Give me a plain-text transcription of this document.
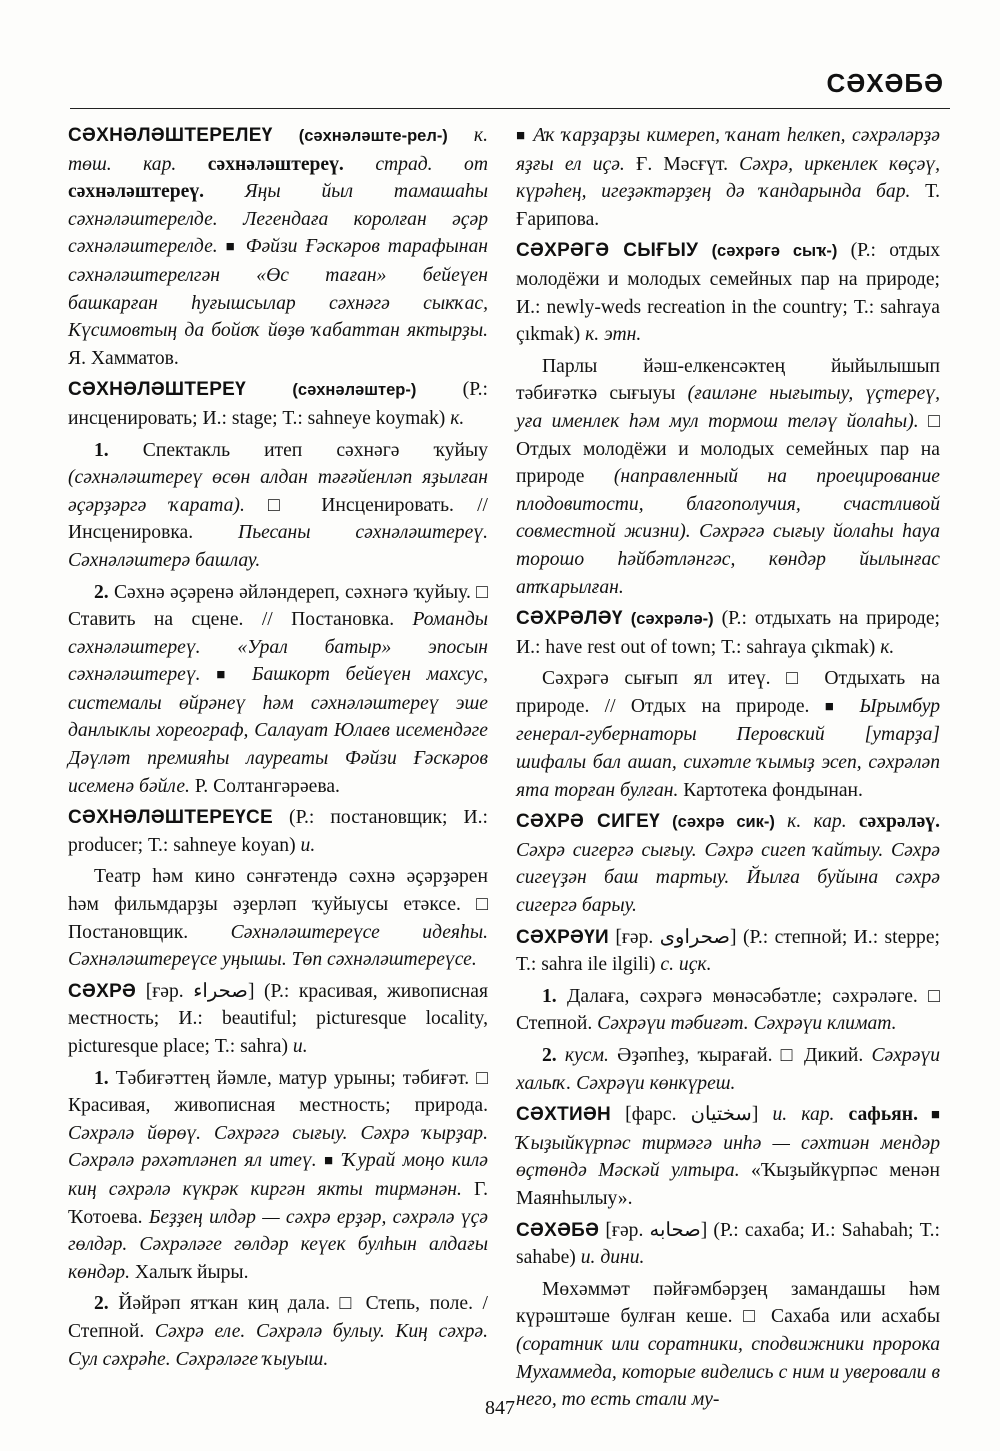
СӘХӘБӘ

СӘХНӘЛӘШТЕРЕЛЕҮ (сәхнәләште-рел-) к. төш. кар. сәхнәләштереү. страд. от сәхнәләштереү. Яңы йыл тамашаһы сәхнәләштерелде. Легендаға королған әҫәр сәхнәләштерелде. ■ Фәйзи Ғәскәров тарафынан сәхнәләштерелгән «Өс таған» бейеүен башкарған һуғышсылар сәхнәгә сыкҡас, Күсимовтың да бойоҡ йөҙө ҡабаттан яктырҙы. Я. Хамматов.

СӘХНӘЛӘШТЕРЕҮ	(сәхнәләштер-) (Р.: инсценировать; И.: stage; Т.: sahneye koymak) к.

1. Спектакль итеп сәхнәгә ҡуйыу (сәхнәләштереү өсөн алдан тәғәйенләп яҙылған әҫәрҙәргә ҡарата). □ Инсценировать. // Инсценировка. Пьесаны сәхнәләштереү. Сәхнәләштерә башлау.

2. Сәхнә әҫәренә әйләндереп, сәхнәгә ҡуйыу. □ Ставить на сцене. // Постановка. Романды сәхнәләштереү. «Урал батыр» эпосын сәхнәләштереү. ■ Башкорт бейеүен махсус, системалы өйрәнеү һәм сәхнәләштереү эше данлыклы хореограф, Салауат Юлаев исемендәге Дәүләт премияһы лауреаты Фәйзи Ғәскәров исеменә бәйле. Р. Солтангәрәева.

СӘХНӘЛӘШТЕРЕҮСЕ (Р.: постановщик; И.: producer; Т.: sahneye koyan) и.

Театр һәм кино сәнғәтендә сәхнә әҫәрҙәрен һәм фильмдарҙы әҙерләп ҡуйыусы етәксе. □ Постановщик. Сәхнәләштереүсе идеяһы. Сәхнәләштереүсе уңышы. Төп сәхнәләштереүсе.

СӘХРӘ [ғәр. صحراء] (Р.: красивая, живописная местность; И.: beautiful; picturesque locality, picturesque place; Т.: sahra) и.

1. Тәбиғәттең йәмле, матур урыны; тәбиғәт. □ Красивая, живописная местность; природа. Сәхрәлә йөрөү. Сәхрәгә сығыу. Сәхрә ҡырҙар. Сәхрәлә рәхәтләнеп ял итеү. ■ Ҡурай моңо килә киң сәхрәлә күкрәк киргән якты тирмәнән. Г. Ҡотоева. Беҙҙең илдәр — сәхрә ерҙәр, сәхрәлә үҫә гөлдәр. Сәхрәләге гөлдәр кеүек булһын алдағы көндәр. Халыҡ йыры.

2. Йәйрәп ятҡан киң дала. □ Степь, поле. / Степной. Сәхрә еле. Сәхрәлә булыу. Киң сәхрә. Сул сәхрәһе. Сәхрәләге ҡыуыш.

■ Аҡ ҡарҙарҙы кимереп, ҡанат һелкеп, сәхрәләрҙә яҙғы ел иҫә. Ғ. Мәсғүт. Сәхрә, иркенлек көҫәү, күрәһең, игеҙәктәрҙең дә ҡандарында бар. Т. Ғарипова.

СӘХРӘГӘ СЫҒЫУ (сәхрәгә сыҡ-) (Р.: отдых молодёжи и молодых семейных пар на природе; И.: newly-weds recreation in the country; Т.: sahraya çıkmak) к. этн.

Парлы йәш-елкенсәктең йыйылышып тәбиғәткә сығыуы (ғаиләне нығытыу, үҫтереү, уға именлек һәм мул тормош теләү йолаһы). □ Отдых молодёжи и молодых семейных пар на природе (направленный на проецирование плодовитости, благополучия, счастливой совместной жизни). Сәхрәгә сығыу йолаһы һауа торошо һәйбәтләнгәс, көндәр йылынғас атҡарылған.

СӘХРӘЛӘҮ (сәхрәлә-) (Р.: отдыхать на природе; И.: have rest out of town; Т.: sahraya çıkmak) к.

Сәхрәгә сығып ял итеү. □ Отдыхать на природе. // Отдых на природе. ■ Ырымбур генерал-губернаторы Перовский [утарҙа] шифалы бал ашап, сихәтле ҡымыҙ эсеп, сәхрәләп ята торған булған. Картотека фондынан.

СӘХРӘ СИГЕҮ (сәхрә сик-) к. кар. сәхрәләү. Сәхрә сигергә сығыу. Сәхрә сигеп ҡайтыу. Сәхрә сигеүҙән баш тартыу. Йылға буйына сәхрә сигергә барыу.

СӘХРӘҮИ [ғәр. صحراوى] (Р.: степной; И.: steppe; Т.: sahra ile ilgili) с. иҫк.

1. Далаға, сәхрәгә мөнәсәбәтле; сәхрәләге. □ Степной. Сәхрәүи тәбиғәт. Сәхрәүи климат.

2. кусм. Әҙәпһеҙ, ҡырағай. □ Дикий. Сәхрәүи халыҡ. Сәхрәүи көнкүреш.

СӘХТИӘН [фарс. سختيان] и. кар. сафьян. ■ Ҡыҙыйкүрпәс тирмәгә инһә — сәхтиән мендәр өҫтөндә Мәскәй ултыра. «Ҡыҙыйкүрпәс менән Маянһылыу».

СӘХӘБӘ [ғәр. صحابه] (Р.: сахаба; И.: Sahabah; Т.: sahabe) и. дини.

Мөхәммәт пәйғәмбәрҙең замандашы һәм күрәштәше булған кеше. □ Сахаба или асхабы (соратник или соратники, сподвижники пророка Мухаммеда, которые виделись с ним и уверовали в него, то есть стали му-

847
